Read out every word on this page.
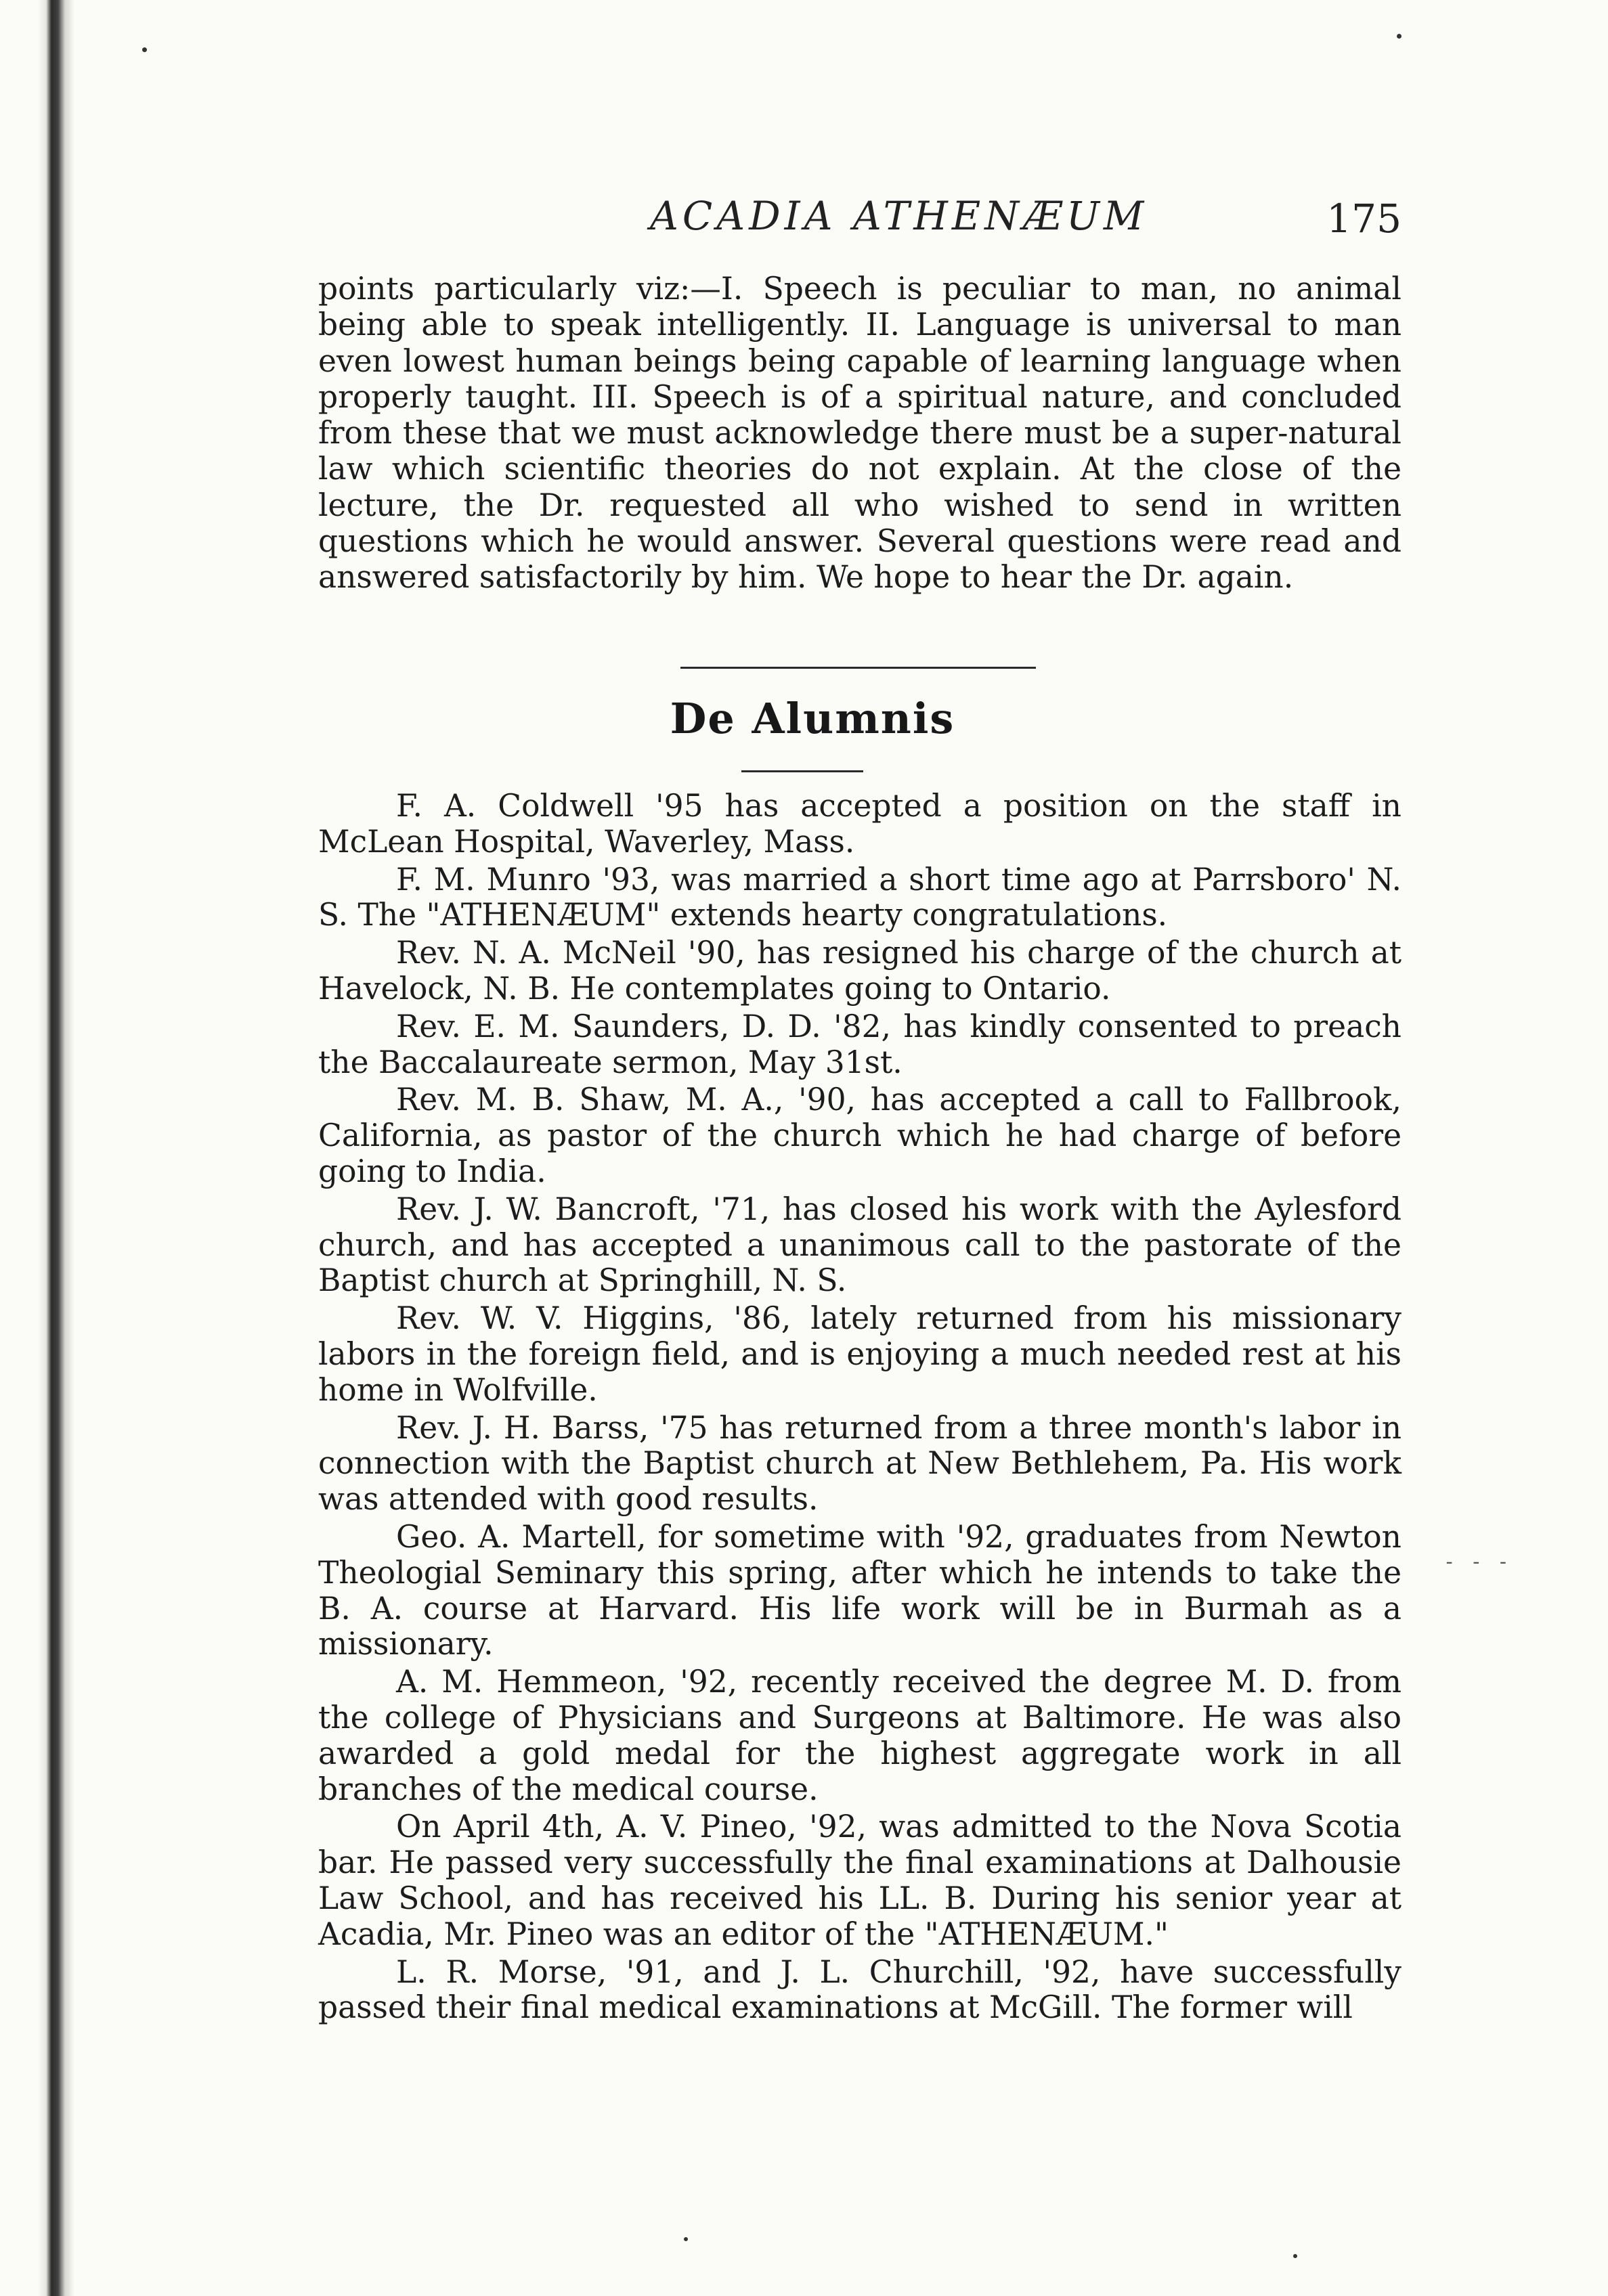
- - -
ACADIA ATHENÆUM	175

points particularly viz:—I. Speech is peculiar to man, no animal being able to speak intelligently. II. Language is universal to man even lowest human beings being capable of learning language when properly taught. III. Speech is of a spiritual nature, and concluded from these that we must acknowledge there must be a super-natural law which scientific theories do not explain. At the close of the lecture, the Dr. requested all who wished to send in written questions which he would answer. Several questions were read and answered satisfactorily by him. We hope to hear the Dr. again.

De Alumnis

F. A. Coldwell '95 has accepted a position on the staff in McLean Hospital, Waverley, Mass.

F. M. Munro '93, was married a short time ago at Parrsboro' N. S. The "ATHENÆUM" extends hearty congratulations.

Rev. N. A. McNeil '90, has resigned his charge of the church at Havelock, N. B. He contemplates going to Ontario.

Rev. E. M. Saunders, D. D. '82, has kindly consented to preach the Baccalaureate sermon, May 31st.

Rev. M. B. Shaw, M. A., '90, has accepted a call to Fallbrook, California, as pastor of the church which he had charge of before going to India.

Rev. J. W. Bancroft, '71, has closed his work with the Aylesford church, and has accepted a unanimous call to the pastorate of the Baptist church at Springhill, N. S.

Rev. W. V. Higgins, '86, lately returned from his missionary labors in the foreign field, and is enjoying a much needed rest at his home in Wolfville.

Rev. J. H. Barss, '75 has returned from a three month's labor in connection with the Baptist church at New Bethlehem, Pa. His work was attended with good results.

Geo. A. Martell, for sometime with '92, graduates from Newton Theologial Seminary this spring, after which he intends to take the B. A. course at Harvard. His life work will be in Burmah as a missionary.

A. M. Hemmeon, '92, recently received the degree M. D. from the college of Physicians and Surgeons at Baltimore. He was also awarded a gold medal for the highest aggregate work in all branches of the medical course.

On April 4th, A. V. Pineo, '92, was admitted to the Nova Scotia bar. He passed very successfully the final examinations at Dalhousie Law School, and has received his LL. B. During his senior year at Acadia, Mr. Pineo was an editor of the "ATHENÆUM."

L. R. Morse, '91, and J. L. Churchill, '92, have successfully passed their final medical examinations at McGill. The former will
